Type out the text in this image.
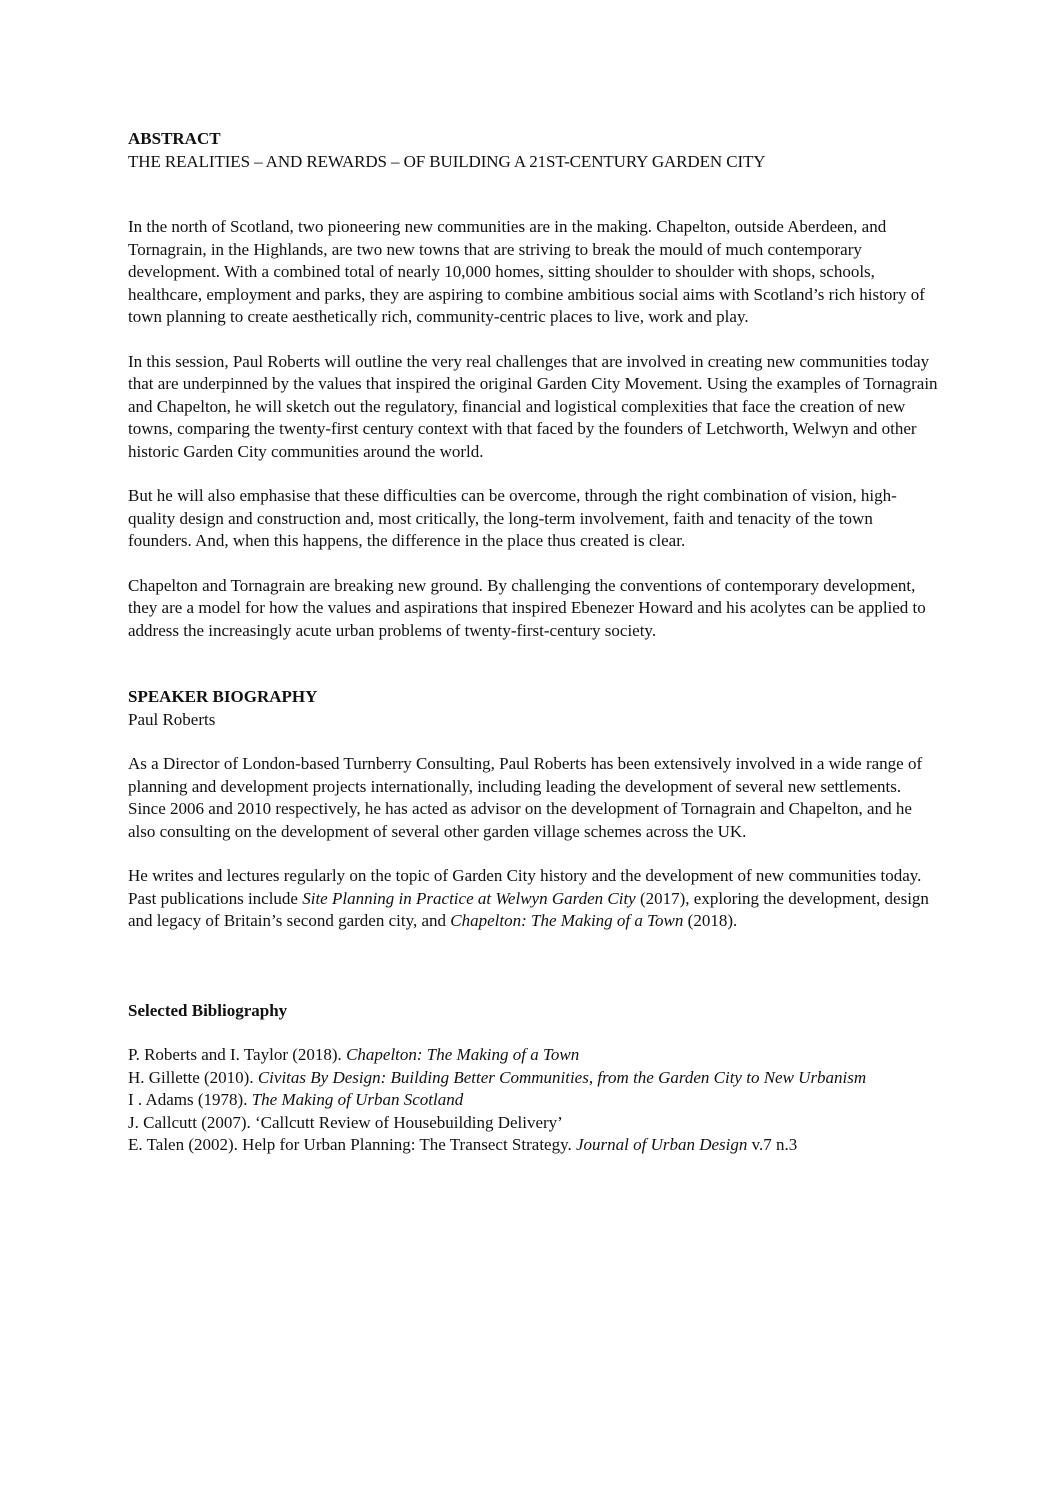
ABSTRACT
THE REALITIES – AND REWARDS – OF BUILDING A 21ST-CENTURY GARDEN CITY

In the north of Scotland, two pioneering new communities are in the making. Chapelton, outside Aberdeen, and Tornagrain, in the Highlands, are two new towns that are striving to break the mould of much contemporary development. With a combined total of nearly 10,000 homes, sitting shoulder to shoulder with shops, schools, healthcare, employment and parks, they are aspiring to combine ambitious social aims with Scotland’s rich history of town planning to create aesthetically rich, community-centric places to live, work and play.

In this session, Paul Roberts will outline the very real challenges that are involved in creating new communities today that are underpinned by the values that inspired the original Garden City Movement. Using the examples of Tornagrain and Chapelton, he will sketch out the regulatory, financial and logistical complexities that face the creation of new towns, comparing the twenty-first century context with that faced by the founders of Letchworth, Welwyn and other historic Garden City communities around the world.

But he will also emphasise that these difficulties can be overcome, through the right combination of vision, high-quality design and construction and, most critically, the long-term involvement, faith and tenacity of the town founders. And, when this happens, the difference in the place thus created is clear.

Chapelton and Tornagrain are breaking new ground. By challenging the conventions of contemporary development, they are a model for how the values and aspirations that inspired Ebenezer Howard and his acolytes can be applied to address the increasingly acute urban problems of twenty-first-century society.

SPEAKER BIOGRAPHY
Paul Roberts

As a Director of London-based Turnberry Consulting, Paul Roberts has been extensively involved in a wide range of planning and development projects internationally, including leading the development of several new settlements. Since 2006 and 2010 respectively, he has acted as advisor on the development of Tornagrain and Chapelton, and he also consulting on the development of several other garden village schemes across the UK.

He writes and lectures regularly on the topic of Garden City history and the development of new communities today. Past publications include Site Planning in Practice at Welwyn Garden City (2017), exploring the development, design and legacy of Britain’s second garden city, and Chapelton: The Making of a Town (2018).

Selected Bibliography
P. Roberts and I. Taylor (2018). Chapelton: The Making of a Town
H. Gillette (2010). Civitas By Design: Building Better Communities, from the Garden City to New Urbanism
I . Adams (1978). The Making of Urban Scotland
J. Callcutt (2007). ‘Callcutt Review of Housebuilding Delivery’
E. Talen (2002). Help for Urban Planning: The Transect Strategy. Journal of Urban Design v.7 n.3
